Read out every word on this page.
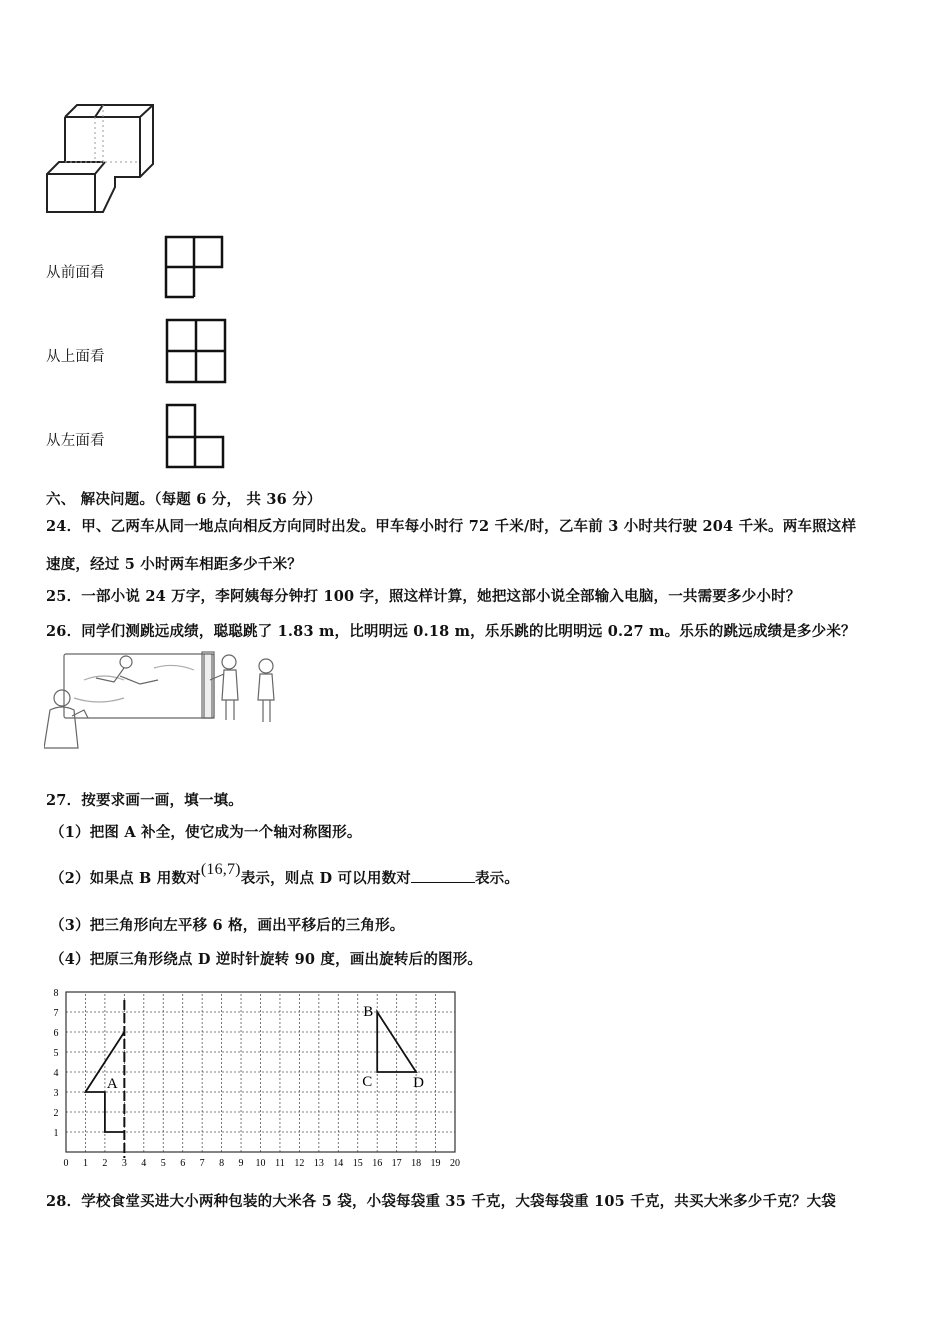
从前面看
从上面看
从左面看
六、 解决问题。（每题 6 分， 共 36 分）
24．甲、乙两车从同一地点向相反方向同时出发。甲车每小时行 72 千米/时，乙车前 3 小时共行驶 204 千米。两车照这样
速度，经过 5 小时两车相距多少千米？
25．一部小说 24 万字，李阿姨每分钟打 100 字，照这样计算，她把这部小说全部输入电脑，一共需要多少小时？
26．同学们测跳远成绩，聪聪跳了 1.83 m，比明明远 0.18 m，乐乐跳的比明明远 0.27 m。乐乐的跳远成绩是多少米？
27．按要求画一画，填一填。
（1）把图 A 补全，使它成为一个轴对称图形。
（2）如果点 B 用数对(16,7)表示，则点 D 可以用数对	表示。
（3）把三角形向左平移 6 格，画出平移后的三角形。
（4）把原三角形绕点 D 逆时针旋转 90 度，画出旋转后的图形。
0 1 2 3 4 5 6 7 8 9 10 11 12 13 14 15 16 17 18 19 20
1
2
3
4
5
6
7
8
A
B
C	D
28．学校食堂买进大小两种包装的大米各 5 袋，小袋每袋重 35 千克，大袋每袋重 105 千克，共买大米多少千克？大袋
